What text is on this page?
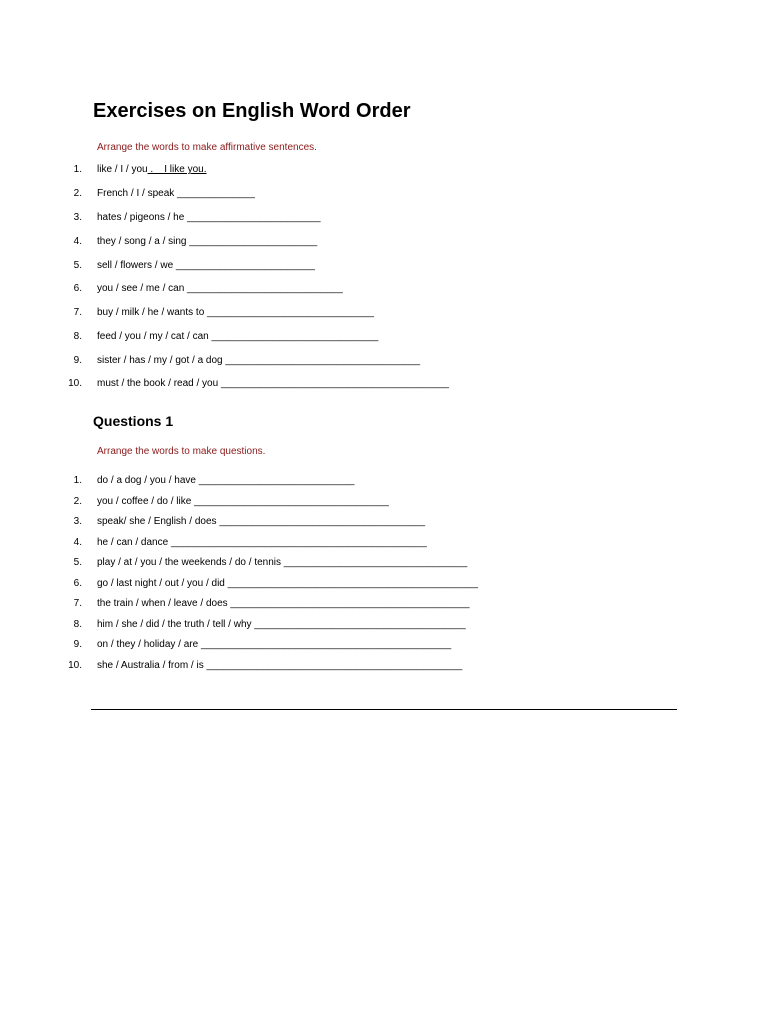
Exercises on English Word Order
Arrange the words to make affirmative sentences.
1. like / I / you .    I like you.
2. French / I / speak ______________
3. hates / pigeons / he ________________________
4. they / song / a / sing _______________________
5. sell / flowers / we _________________________
6. you / see / me / can ____________________________
7. buy / milk / he / wants to ______________________________
8. feed / you / my / cat / can ______________________________
9. sister / has / my / got / a dog ___________________________________
10. must / the book / read / you _________________________________________
Questions 1
Arrange the words to make questions.
1. do / a dog / you / have ____________________________
2. you / coffee / do / like ___________________________________
3. speak/ she / English / does _____________________________________
4. he / can / dance ______________________________________________
5. play / at / you / the weekends / do / tennis _________________________________
6. go / last night / out / you / did _____________________________________________
7. the train / when / leave / does ___________________________________________
8. him / she / did / the truth / tell / why ______________________________________
9. on / they / holiday / are _____________________________________________
10. she / Australia / from / is ______________________________________________
